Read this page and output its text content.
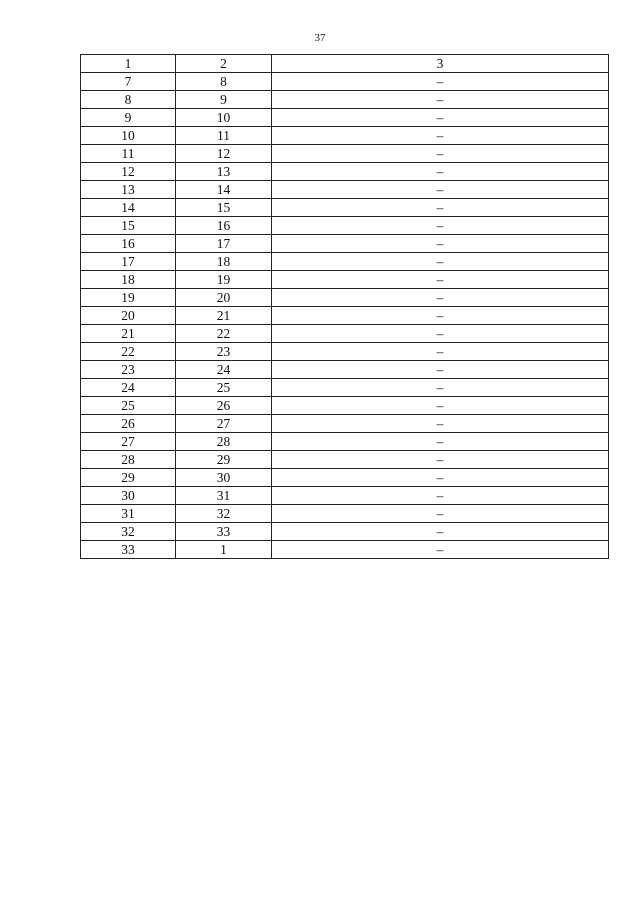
37
1	2	3
7	8	–
8	9	–
9	10	–
10	11	–
11	12	–
12	13	–
13	14	–
14	15	–
15	16	–
16	17	–
17	18	–
18	19	–
19	20	–
20	21	–
21	22	–
22	23	–
23	24	–
24	25	–
25	26	–
26	27	–
27	28	–
28	29	–
29	30	–
30	31	–
31	32	–
32	33	–
33	1	–
